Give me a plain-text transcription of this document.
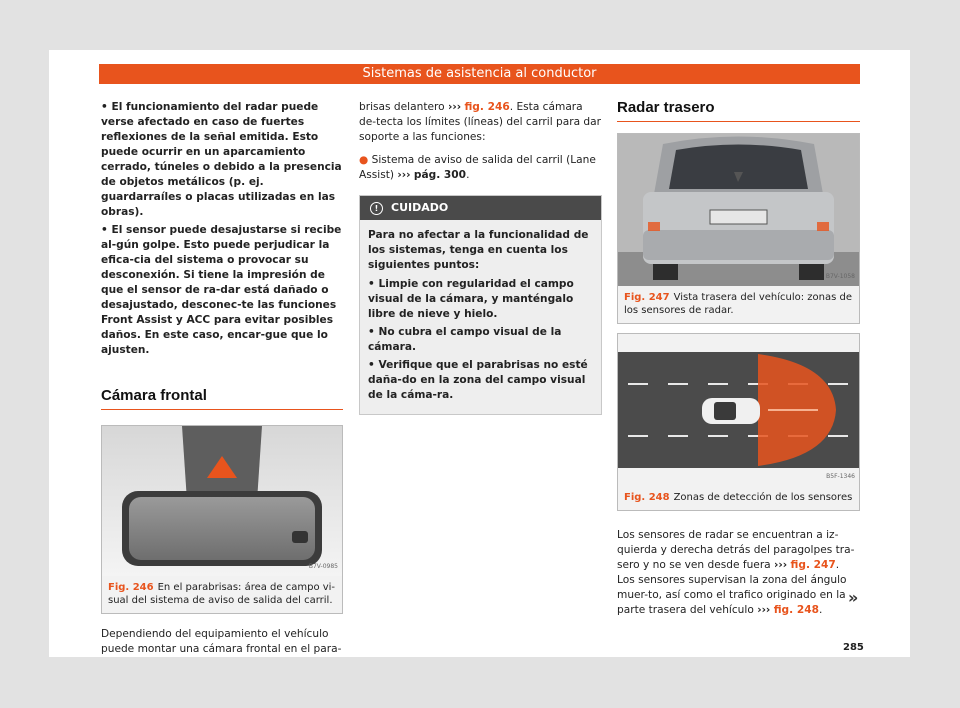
Sistemas de asistencia al conductor

• El funcionamiento del radar puede verse afectado en caso de fuertes reflexiones de la señal emitida. Esto puede ocurrir en un aparcamiento cerrado, túneles o debido a la presencia de objetos metálicos (p. ej. guardarraíles o placas utilizadas en las obras).

• El sensor puede desajustarse si recibe al-gún golpe. Esto puede perjudicar la efica-cia del sistema o provocar su desconexión. Si tiene la impresión de que el sensor de ra-dar está dañado o desajustado, desconec-te las funciones Front Assist y ACC para evitar posibles daños. En este caso, encar-gue que lo ajusten.

Cámara frontal
B7V-0985
Fig. 246 En el parabrisas: área de campo vi-sual del sistema de aviso de salida del carril.

Dependiendo del equipamiento el vehículo puede montar una cámara frontal en el para-

brisas delantero ››› fig. 246. Esta cámara de-tecta los límites (líneas) del carril para dar soporte a las funciones:

● Sistema de aviso de salida del carril (Lane Assist) ››› pág. 300.

! CUIDADO

Para no afectar a la funcionalidad de los sistemas, tenga en cuenta los siguientes puntos:

• Limpie con regularidad el campo visual de la cámara, y manténgalo libre de nieve y hielo.

• No cubra el campo visual de la cámara.

• Verifique que el parabrisas no esté daña-do en la zona del campo visual de la cáma-ra.

Radar trasero
B7V-1058
Fig. 247 Vista trasera del vehículo: zonas de los sensores de radar.
B5F-1346
Fig. 248 Zonas de detección de los sensores

Los sensores de radar se encuentran a iz-quierda y derecha detrás del paragolpes tra-sero y no se ven desde fuera ››› fig. 247. Los sensores supervisan la zona del ángulo muer-to, así como el trafico originado en la parte trasera del vehículo ››› fig. 248.

»
285
